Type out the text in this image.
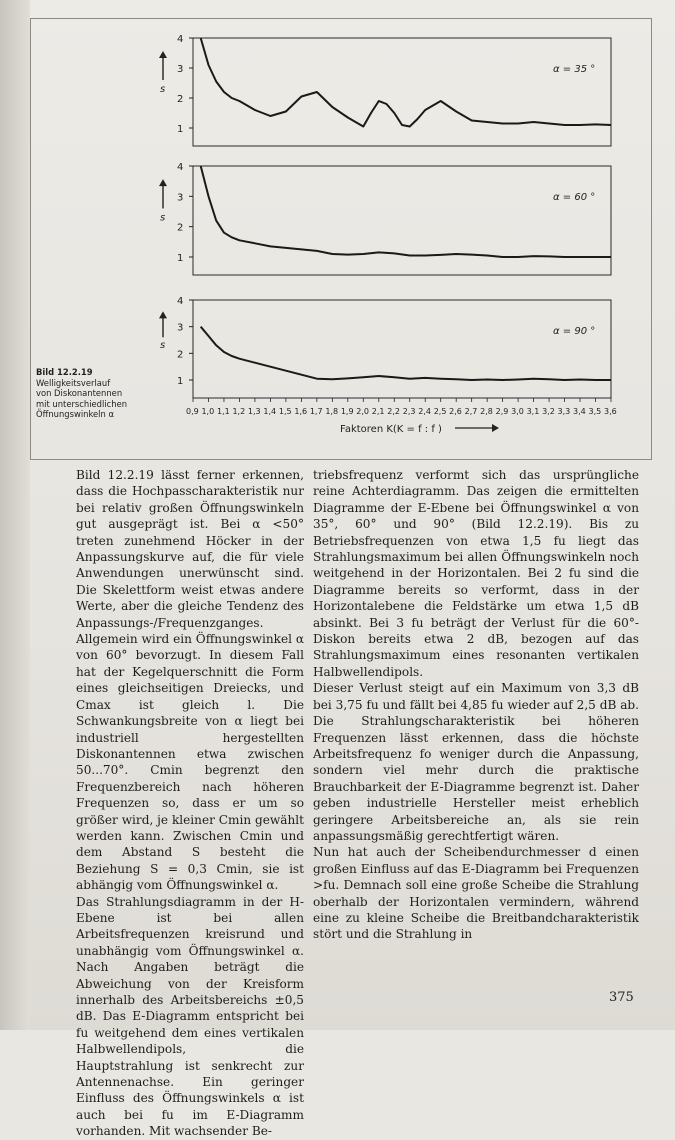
1
2
3
4
s
α = 35 °
1
2
3
4
s
α = 60 °
1
2
3
4
s
α = 90 °
0,9 1,0 1,1 1,2 1,3 1,4 1,5 1,6 1,7 1,8 1,9 2,0 2,1 2,2 2,3 2,4 2,5 2,6 2,7 2,8 2,9 3,0 3,1 3,2 3,3 3,4 3,5 3,6
Faktoren K(K = f : f )
Bild 12.2.19
Welligkeitsverlauf
von Diskonantennen
mit unterschiedlichen
Öffnungswinkeln α

Bild 12.2.19 lässt ferner erkennen, dass die Hochpasscharakteristik nur bei relativ großen Öffnungswinkeln gut ausgeprägt ist. Bei α <50° treten zunehmend Höcker in der Anpassungskurve auf, die für viele Anwendungen unerwünscht sind. Die Skelettform weist etwas andere Werte, aber die gleiche Tendenz des Anpassungs-/Frequenzganges.

Allgemein wird ein Öffnungswinkel α von 60° bevorzugt. In diesem Fall hat der Kegelquerschnitt die Form eines gleichseitigen Dreiecks, und Cmax ist gleich l. Die Schwankungsbreite von α liegt bei industriell hergestellten Diskonantennen etwa zwischen 50...70°. Cmin begrenzt den Frequenzbereich nach höheren Frequenzen so, dass er um so größer wird, je kleiner Cmin gewählt werden kann. Zwischen Cmin und dem Abstand S besteht die Beziehung S = 0,3 Cmin, sie ist abhängig vom Öffnungswinkel α.

Das Strahlungsdiagramm in der H-Ebene ist bei allen Arbeitsfrequenzen kreisrund und unabhängig vom Öffnungswinkel α. Nach Angaben beträgt die Abweichung von der Kreisform innerhalb des Arbeitsbereichs ±0,5 dB. Das E-Diagramm entspricht bei fu weitgehend dem eines vertikalen Halbwellendipols, die Hauptstrahlung ist senkrecht zur Antennenachse. Ein geringer Einfluss des Öffnungswinkels α ist auch bei fu im E-Diagramm vorhanden. Mit wachsender Be-

triebsfrequenz verformt sich das ursprüngliche reine Achterdiagramm. Das zeigen die ermittelten Diagramme der E-Ebene bei Öffnungswinkel α von 35°, 60° und 90° (Bild 12.2.19). Bis zu Betriebsfrequenzen von etwa 1,5 fu liegt das Strahlungsmaximum bei allen Öffnungswinkeln noch weitgehend in der Horizontalen. Bei 2 fu sind die Diagramme bereits so verformt, dass in der Horizontalebene die Feldstärke um etwa 1,5 dB absinkt. Bei 3 fu beträgt der Verlust für die 60°-Diskon bereits etwa 2 dB, bezogen auf das Strahlungsmaximum eines resonanten vertikalen Halbwellendipols.

Dieser Verlust steigt auf ein Maximum von 3,3 dB bei 3,75 fu und fällt bei 4,85 fu wieder auf 2,5 dB ab. Die Strahlungscharakteristik bei höheren Frequenzen lässt erkennen, dass die höchste Arbeitsfrequenz fo weniger durch die Anpassung, sondern viel mehr durch die praktische Brauchbarkeit der E-Diagramme begrenzt ist. Daher geben industrielle Hersteller meist erheblich geringere Arbeitsbereiche an, als sie rein anpassungsmäßig gerechtfertigt wären.

Nun hat auch der Scheibendurchmesser d einen großen Einfluss auf das E-Diagramm bei Frequenzen >fu. Demnach soll eine große Scheibe die Strahlung oberhalb der Horizontalen vermindern, während eine zu kleine Scheibe die Breitbandcharakteristik stört und die Strahlung in

375
